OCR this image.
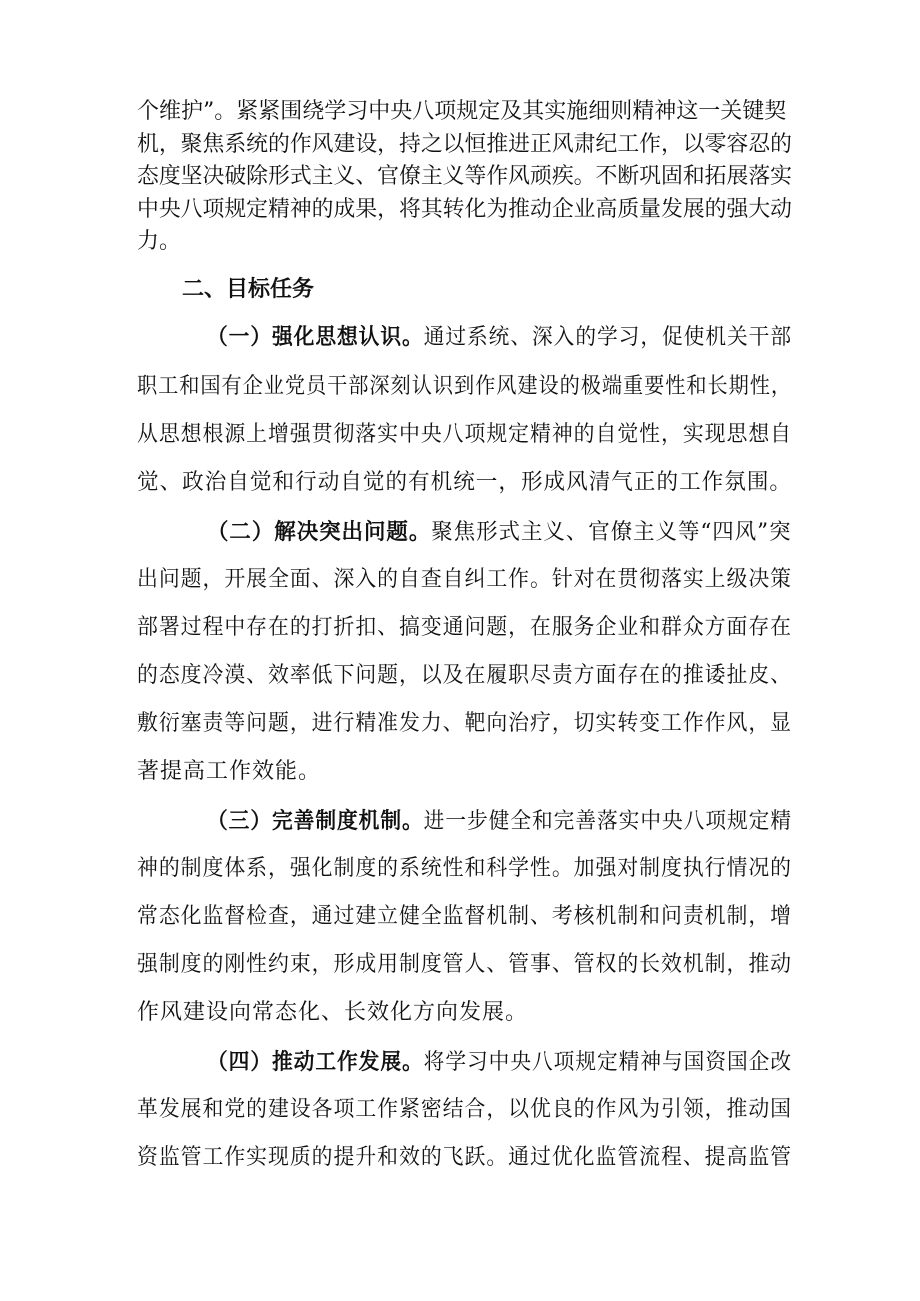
个维护”。紧紧围绕学习中央八项规定及其实施细则精神这一关键契
机，聚焦系统的作风建设，持之以恒推进正风肃纪工作，以零容忍的
态度坚决破除形式主义、官僚主义等作风顽疾。不断巩固和拓展落实
中央八项规定精神的成果，将其转化为推动企业高质量发展的强大动
力。
二、目标任务
（一）强化思想认识。通过系统、深入的学习，促使机关干部
职工和国有企业党员干部深刻认识到作风建设的极端重要性和长期性，
从思想根源上增强贯彻落实中央八项规定精神的自觉性，实现思想自
觉、政治自觉和行动自觉的有机统一，形成风清气正的工作氛围。
（二）解决突出问题。聚焦形式主义、官僚主义等“四风”突
出问题，开展全面、深入的自查自纠工作。针对在贯彻落实上级决策
部署过程中存在的打折扣、搞变通问题，在服务企业和群众方面存在
的态度冷漠、效率低下问题，以及在履职尽责方面存在的推诿扯皮、
敷衍塞责等问题，进行精准发力、靶向治疗，切实转变工作作风，显
著提高工作效能。
（三）完善制度机制。进一步健全和完善落实中央八项规定精
神的制度体系，强化制度的系统性和科学性。加强对制度执行情况的
常态化监督检查，通过建立健全监督机制、考核机制和问责机制，增
强制度的刚性约束，形成用制度管人、管事、管权的长效机制，推动
作风建设向常态化、长效化方向发展。
（四）推动工作发展。将学习中央八项规定精神与国资国企改
革发展和党的建设各项工作紧密结合，以优良的作风为引领，推动国
资监管工作实现质的提升和效的飞跃。通过优化监管流程、提高监管
